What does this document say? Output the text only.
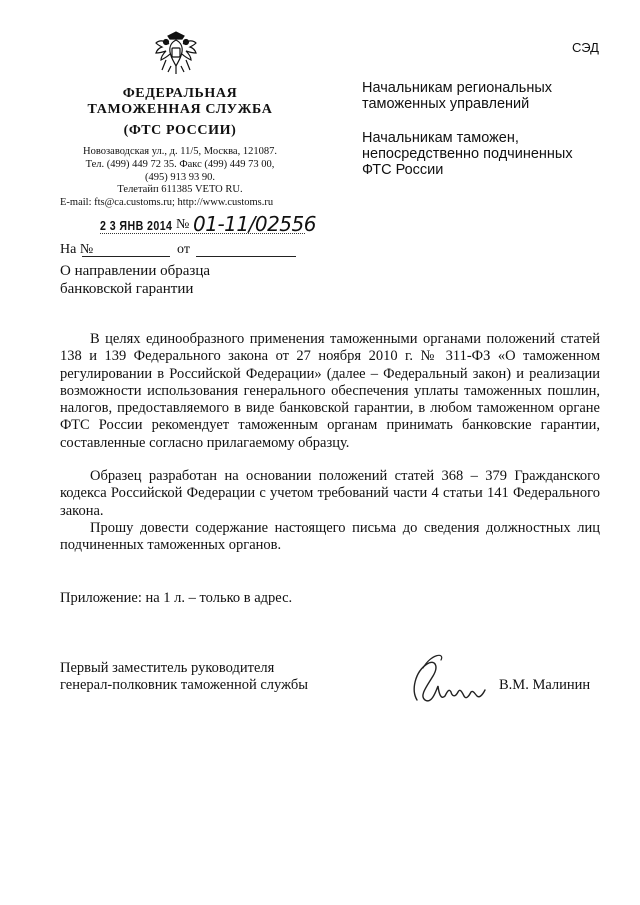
ФЕДЕРАЛЬНАЯ
ТАМОЖЕННАЯ СЛУЖБА
(ФТС РОССИИ)
Новозаводская ул., д. 11/5, Москва, 121087.
Тел. (499) 449 72 35. Факс (499) 449 73 00,
(495) 913 93 90.
Телетайп 611385 VETO RU.
E-mail: fts@ca.customs.ru; http://www.customs.ru
СЭД
Начальникам региональных
таможенных управлений
Начальникам таможен,
непосредственно подчиненных
ФТС России
2 3 ЯНВ 2014 № 01-11/02556
На №	от
О направлении образца
банковской гарантии

В целях единообразного применения таможенными органами положений статей 138 и 139 Федерального закона от 27 ноября 2010 г. № 311-ФЗ «О таможенном регулировании в Российской Федерации» (далее – Федеральный закон) и реализации возможности использования генерального обеспечения уплаты таможенных пошлин, налогов, предоставляемого в виде банковской гарантии, в любом таможенном органе ФТС России рекомендует таможенным органам принимать банковские гарантии, составленные согласно прилагаемому образцу.

Образец разработан на основании положений статей 368 – 379 Гражданского кодекса Российской Федерации с учетом требований части 4 статьи 141 Федерального закона.

Прошу довести содержание настоящего письма до сведения должностных лиц подчиненных таможенных органов.

Приложение: на 1 л. – только в адрес.
Первый заместитель руководителя
генерал-полковник таможенной службы	В.М. Малинин
